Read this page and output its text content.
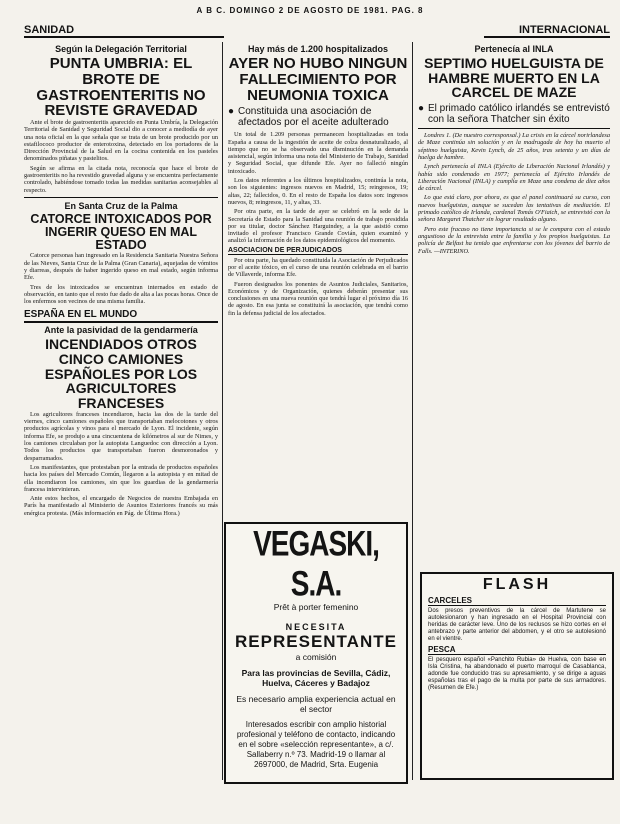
A B C. DOMINGO 2 DE AGOSTO DE 1981. PAG. 8
SANIDAD	INTERNACIONAL
Según la Delegación Territorial
PUNTA UMBRIA: EL BROTE DE GASTROENTERITIS NO REVISTE GRAVEDAD

Ante el brote de gastroenteritis aparecido en Punta Umbría, la Delegación Territorial de Sanidad y Seguridad Social dio a conocer a mediodía de ayer una nota oficial en la que señala que se trata de un brote producido por un estafilococo productor de enterotoxina, detectado en los portadores de la Dirección Provincial de la Salud en la cocina contenida en los pasteles denominados piñatas y pastelitos.

Según se afirma en la citada nota, reconocía que hace el brote de gastroenteritis no ha revestido gravedad alguna y se encuentra perfectamente controlado, habiéndose tomado todas las medidas sanitarias aconsejables al respecto.

En Santa Cruz de la Palma
CATORCE INTOXICADOS POR INGERIR QUESO EN MAL ESTADO

Catorce personas han ingresado en la Residencia Sanitaria Nuestra Señora de las Nieves, Santa Cruz de la Palma (Gran Canaria), aquejadas de vómitos y diarreas, después de haber ingerido queso en mal estado, según informa Efe.

Tres de los intoxicados se encuentran internados en estado de observación, en tanto que el resto fue dado de alta a las pocas horas. Once de los enfermos son vecinos de una misma familia.

ESPAÑA EN EL MUNDO
Ante la pasividad de la gendarmería
INCENDIADOS OTROS CINCO CAMIONES ESPAÑOLES POR LOS AGRICULTORES FRANCESES

Los agricultores franceses incendiaron, hacia las dos de la tarde del viernes, cinco camiones españoles que transportaban melocotones y otros productos agrícolas y vinos para el mercado de Lyon. El incidente, según informa Efe, se produjo a una cincuentena de kilómetros al sur de Nimes, y los camiones circulaban por la autopista Languedoc con dirección a Lyon. Todos los productos que transportaban fueron desmoronados y desparramados.

Los manifestantes, que protestaban por la entrada de productos españoles hacia los países del Mercado Común, llegaron a la autopista y en mitad de ella incendiaron los camiones, sin que los guardias de la gendarmería francesa intervinieran.

Ante estos hechos, el encargado de Negocios de nuestra Embajada en París ha manifestado al Ministerio de Asuntos Exteriores francés su más enérgica protesta. (Más información en Pág. de Última Hora.)

Hay más de 1.200 hospitalizados
AYER NO HUBO NINGUN FALLECIMIENTO POR NEUMONIA TOXICA
● Constituida una asociación de afectados por el aceite adulterado

Un total de 1.209 personas permanecen hospitalizadas en toda España a causa de la ingestión de aceite de colza desnaturalizado, al tiempo que no se ha observado una disminución en la demanda asistencial, según informa una nota del Ministerio de Trabajo, Sanidad y Seguridad Social, que difunde Efe. Ayer no falleció ningún intoxicado.

Los datos referentes a los últimos hospitalizados, continúa la nota, son los siguientes: ingresos nuevos en Madrid, 15; reingresos, 19; altas, 22; fallecidos, 0. En el resto de España los datos son: ingresos nuevos, 8; reingresos, 11, y altas, 33.

Por otra parte, en la tarde de ayer se celebró en la sede de la Secretaría de Estado para la Sanidad una reunión de trabajo presidida por su titular, doctor Sánchez Harguindey, a la que asistió como invitado el profesor Francisco Grande Covián, quien examinó y analizó la información de los datos epidemiológicos del momento.

ASOCIACION DE PERJUDICADOS

Por otra parte, ha quedado constituida la Asociación de Perjudicados por el aceite tóxico, en el curso de una reunión celebrada en el barrio de Villaverde, informa Efe.

Fueron designados los ponentes de Asuntos Judiciales, Sanitarios, Económicos y de Organización, quienes deberán presentar sus conclusiones en una nueva reunión que tendrá lugar el próximo día 16 de agosto. En esa junta se constituirá la asociación, que tendrá como fin la defensa judicial de los afectados.

VEGASKI, S.A.
Prêt à porter femenino
NECESITA
REPRESENTANTE
a comisión
Para las provincias de Sevilla, Cádiz, Huelva, Cáceres y Badajoz
Es necesario amplia experiencia actual en el sector
Interesados escribir con amplio historial profesional y teléfono de contacto, indicando en el sobre «selección representante», a c/. Sallaberry n.º 73. Madrid-19 o llamar al 2697000, de Madrid, Srta. Eugenia
Pertenecía al INLA
SEPTIMO HUELGUISTA DE HAMBRE MUERTO EN LA CARCEL DE MAZE
● El primado católico irlandés se entrevistó con la señora Thatcher sin éxito

Londres 1. (De nuestro corresponsal.) La crisis en la cárcel norirlandesa de Maze continúa sin solución y en la madrugada de hoy ha muerto el séptimo huelguista, Kevin Lynch, de 25 años, tras setenta y un días de huelga de hambre.

Lynch pertenecía al INLA (Ejército de Liberación Nacional Irlandés) y había sido condenado en 1977; pertenecía al Ejército Irlandés de Liberación Nacional (INLA) y cumplía en Maze una condena de diez años de cárcel.

Lo que está claro, por ahora, es que el panel continuará su curso, con nuevos huelguistas, aunque se sucedan las tentativas de mediación. El primado católico de Irlanda, cardenal Tomás O'Fiaich, se entrevistó con la señora Margaret Thatcher sin lograr resultado alguno.

Pero este fracaso no tiene importancia si se le compara con el estado angustioso de la entrevista entre la familia y los propios huelguistas. La policía de Belfast ha tenido que enfrentarse con los jóvenes del barrio de Falls. —INTERINO.

FLASH
CARCELES

Dos presos preventivos de la cárcel de Martutene se autolesionaron y han ingresado en el Hospital Provincial con heridas de carácter leve. Uno de los reclusos se hizo cortes en el antebrazo y parte anterior del abdomen, y el otro se autolesionó en el vientre.

PESCA

El pesquero español «Panchito Rubia» de Huelva, con base en Isla Cristina, ha abandonado el puerto marroquí de Casablanca, adonde fue conducido tras su apresamiento, y se dirige a aguas españolas tras el pago de la multa por parte de sus armadores. (Resumen de Efe.)
